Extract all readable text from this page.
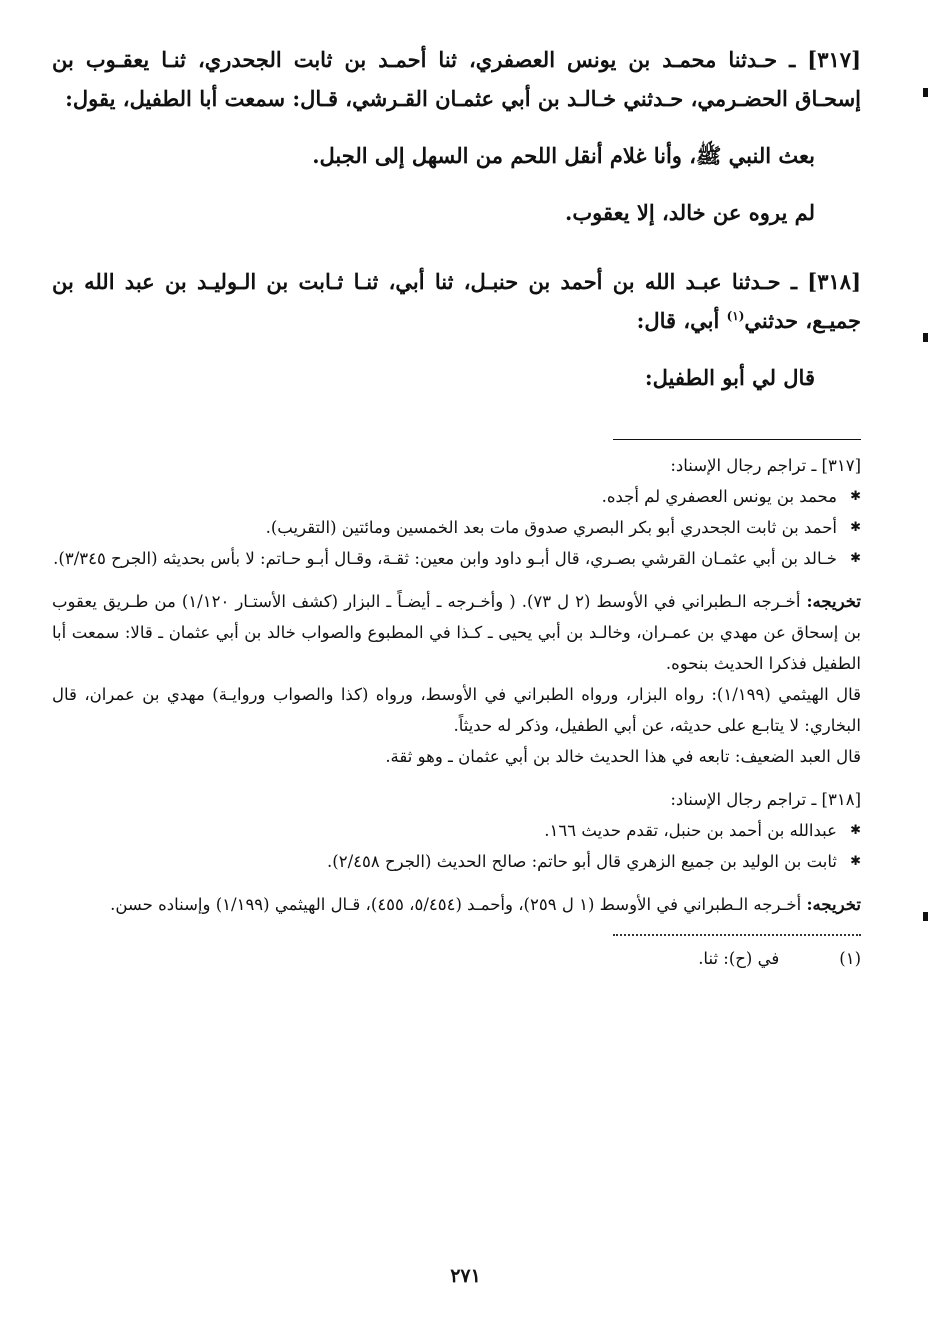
[٣١٧] ـ حـدثنا محمـد بن يونس العصفري، ثنا أحمـد بن ثابت الجحدري، ثنـا يعقـوب بن إسحـاق الحضـرمي، حـدثني خـالـد بن أبي عثمـان القـرشي، قـال: سمعت أبا الطفيل، يقول:

بعث النبي ﷺ، وأنا غلام أنقل اللحم من السهل إلى الجبل.

لم يروه عن خالد، إلا يعقوب.

[٣١٨] ـ حـدثنا عبـد الله بن أحمد بن حنبـل، ثنا أبي، ثنـا ثـابت بن الـوليـد بن عبد الله بن جميـع، حدثني$^{(١)}$ أبي، قال:

قال لي أبو الطفيل:

[٣١٧] ـ تراجم رجال الإسناد:

✱ محمد بن يونس العصفري لم أجده.

✱ أحمد بن ثابت الجحدري أبو بكر البصري صدوق مات بعد الخمسين ومائتين (التقريب).

✱ خـالد بن أبي عثمـان القرشي بصـري، قال أبـو داود وابن معين: ثقـة، وقـال أبـو حـاتم: لا بأس بحديثه (الجرح ٣/٣٤٥).

تخريجه: أخـرجه الـطبراني في الأوسط (٢ ل ٧٣). ( وأخـرجه ـ أيضـاً ـ البزار (كشف الأستـار ١/١٢٠) من طـريق يعقوب بن إسحاق عن مهدي بن عمـران، وخالـد بن أبي يحيى ـ كـذا في المطبوع والصواب خالد بن أبي عثمان ـ قالا: سمعت أبا الطفيل فذكرا الحديث بنحوه.

قال الهيثمي (١/١٩٩): رواه البزار، ورواه الطبراني في الأوسط، ورواه (كذا والصواب وروايـة) مهدي بن عمران، قال البخاري: لا يتابـع على حديثه، عن أبي الطفيل، وذكر له حديثاً.

قال العبد الضعيف: تابعه في هذا الحديث خالد بن أبي عثمان ـ وهو ثقة.

[٣١٨] ـ تراجم رجال الإسناد:

✱ عبدالله بن أحمد بن حنبل، تقدم حديث ١٦٦.

✱ ثابت بن الوليد بن جميع الزهري قال أبو حاتم: صالح الحديث (الجرح ٢/٤٥٨).

تخريجه: أخـرجه الـطبراني في الأوسط (١ ل ٢٥٩)، وأحمـد (٥/٤٥٤، ٤٥٥)، قـال الهيثمي (١/١٩٩) وإسناده حسن.

(١)
في (ح): ثنا.
٢٧١
